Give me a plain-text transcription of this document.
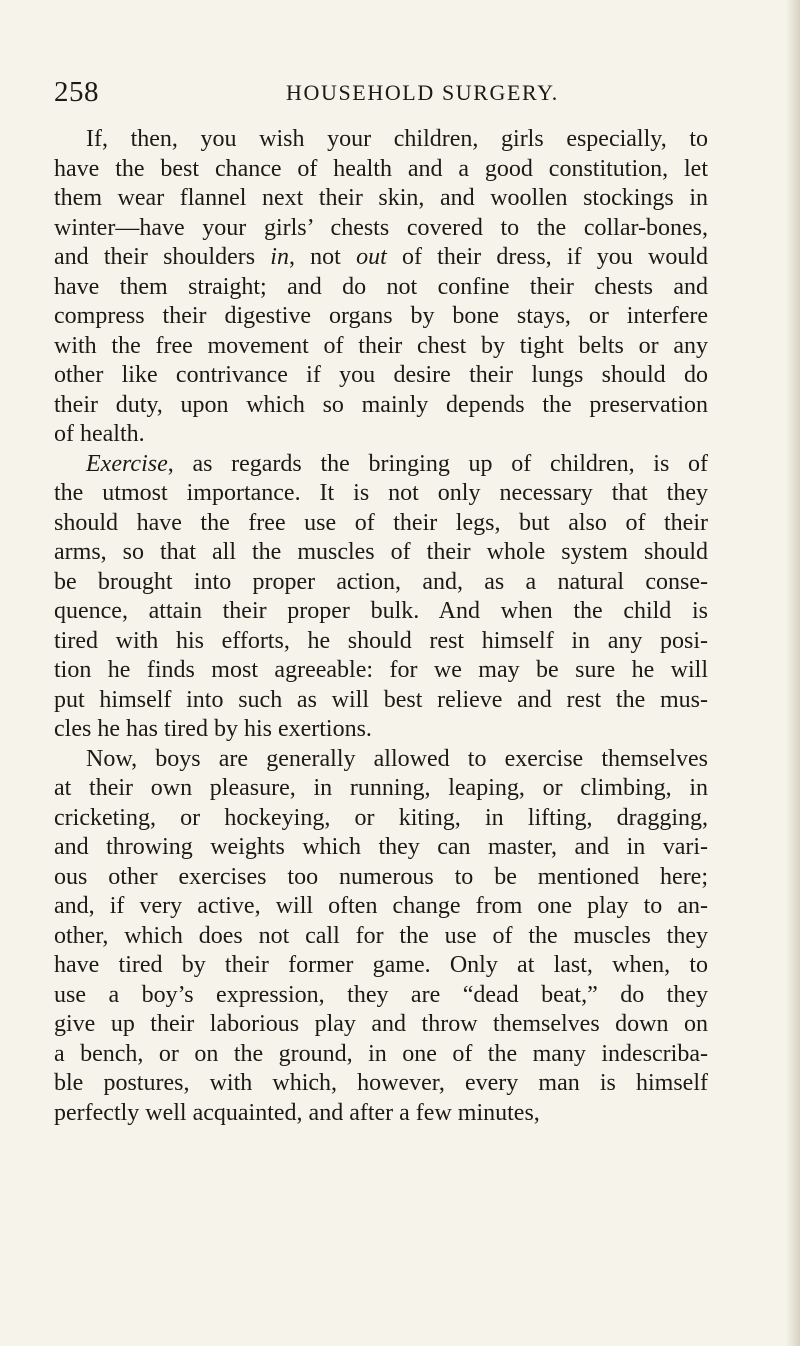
258	HOUSEHOLD SURGERY.
If, then, you wish your children, girls especially, to
have the best chance of health and a good constitution, let
them wear flannel next their skin, and woollen stockings in
winter—have your girls’ chests covered to the collar-bones,
and their shoulders in, not out of their dress, if you would
have them straight; and do not confine their chests and
compress their digestive organs by bone stays, or interfere
with the free movement of their chest by tight belts or any
other like contrivance if you desire their lungs should do
their duty, upon which so mainly depends the preservation
of health.
Exercise, as regards the bringing up of children, is of
the utmost importance. It is not only necessary that they
should have the free use of their legs, but also of their
arms, so that all the muscles of their whole system should
be brought into proper action, and, as a natural conse-
quence, attain their proper bulk. And when the child is
tired with his efforts, he should rest himself in any posi-
tion he finds most agreeable: for we may be sure he will
put himself into such as will best relieve and rest the mus-
cles he has tired by his exertions.
Now, boys are generally allowed to exercise themselves
at their own pleasure, in running, leaping, or climbing, in
cricketing, or hockeying, or kiting, in lifting, dragging,
and throwing weights which they can master, and in vari-
ous other exercises too numerous to be mentioned here;
and, if very active, will often change from one play to an-
other, which does not call for the use of the muscles they
have tired by their former game. Only at last, when, to
use a boy’s expression, they are “dead beat,” do they
give up their laborious play and throw themselves down on
a bench, or on the ground, in one of the many indescriba-
ble postures, with which, however, every man is himself
perfectly well acquainted, and after a few minutes,
